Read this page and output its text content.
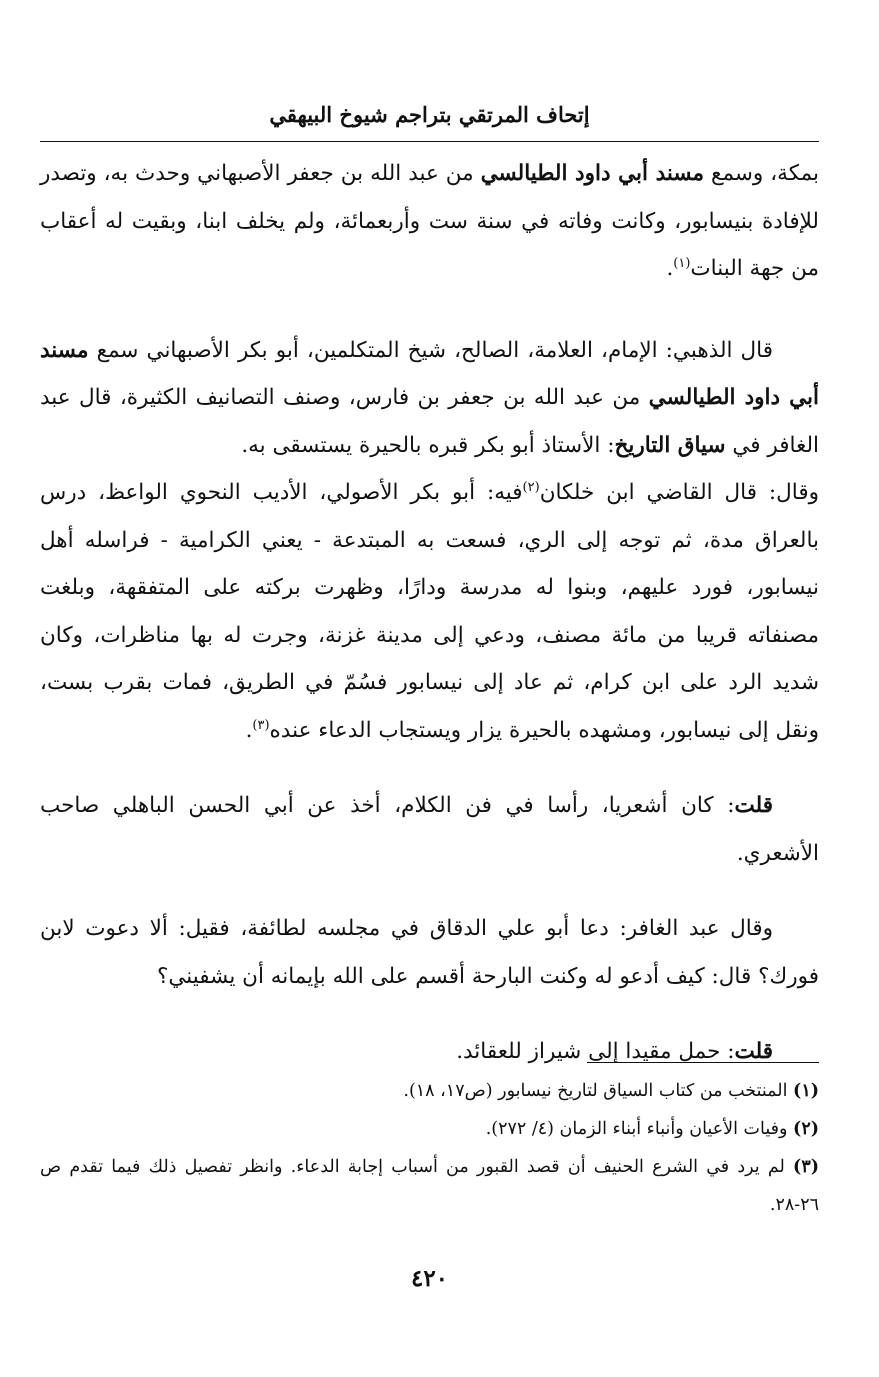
إتحاف المرتقي بتراجم شيوخ البيهقي

بمكة، وسمع مسند أبي داود الطيالسي من عبد الله بن جعفر الأصبهاني وحدث به، وتصدر للإفادة بنيسابور، وكانت وفاته في سنة ست وأربعمائة، ولم يخلف ابنا، وبقيت له أعقاب من جهة البنات$^{(١)}$.

قال الذهبي: الإمام، العلامة، الصالح، شيخ المتكلمين، أبو بكر الأصبهاني سمع مسند أبي داود الطيالسي من عبد الله بن جعفر بن فارس، وصنف التصانيف الكثيرة، قال عبد الغافر في سياق التاريخ: الأستاذ أبو بكر قبره بالحيرة يستسقى به.

وقال: قال القاضي ابن خلكان$^{(٢)}$فيه: أبو بكر الأصولي، الأديب النحوي الواعظ، درس بالعراق مدة، ثم توجه إلى الري، فسعت به المبتدعة - يعني الكرامية - فراسله أهل نيسابور، فورد عليهم، وبنوا له مدرسة ودارًا، وظهرت بركته على المتفقهة، وبلغت مصنفاته قريبا من مائة مصنف، ودعي إلى مدينة غزنة، وجرت له بها مناظرات، وكان شديد الرد على ابن كرام، ثم عاد إلى نيسابور فسُمّ في الطريق، فمات بقرب بست، ونقل إلى نيسابور، ومشهده بالحيرة يزار ويستجاب الدعاء عنده$^{(٣)}$.

قلت: كان أشعريا، رأسا في فن الكلام، أخذ عن أبي الحسن الباهلي صاحب الأشعري.

وقال عبد الغافر: دعا أبو علي الدقاق في مجلسه لطائفة، فقيل: ألا دعوت لابن فورك؟ قال: كيف أدعو له وكنت البارحة أقسم على الله بإيمانه أن يشفيني؟

قلت: حمل مقيدا إلى شيراز للعقائد.

(١) المنتخب من كتاب السياق لتاريخ نيسابور (ص١٧، ١٨).

(٢) وفيات الأعيان وأنباء أبناء الزمان (٤/ ٢٧٢).

(٣) لم يرد في الشرع الحنيف أن قصد القبور من أسباب إجابة الدعاء. وانظر تفصيل ذلك فيما تقدم ص ٢٦-٢٨.

٤٢٠
